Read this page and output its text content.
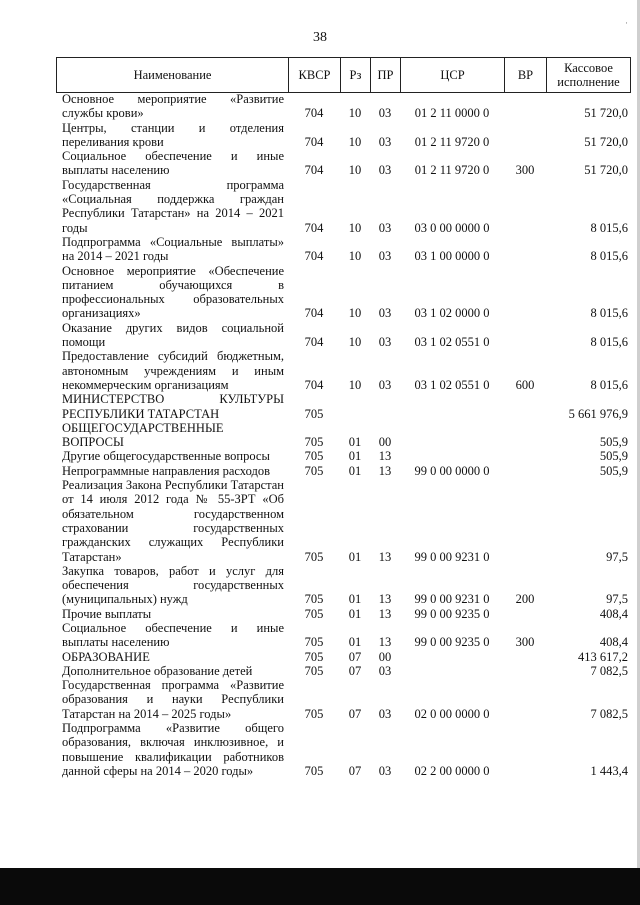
38
·
Наименование	КВСР	Рз	ПР	ЦСР	ВР	Кассовое исполнение
Основное мероприятие «Развитие службы крови»	704	10	03	01 2 11 0000 0		51 720,0
Центры, станции и отделения переливания крови	704	10	03	01 2 11 9720 0		51 720,0
Социальное обеспечение и иные выплаты населению	704	10	03	01 2 11 9720 0	300	51 720,0
Государственная программа «Социальная поддержка граждан Республики Татарстан» на 2014 – 2021 годы	704	10	03	03 0 00 0000 0		8 015,6
Подпрограмма «Социальные выплаты» на 2014 – 2021 годы	704	10	03	03 1 00 0000 0		8 015,6
Основное мероприятие «Обеспечение питанием обучающихся в профессиональных образовательных организациях»	704	10	03	03 1 02 0000 0		8 015,6
Оказание других видов социальной помощи	704	10	03	03 1 02 0551 0		8 015,6
Предоставление субсидий бюджетным, автономным учреждениям и иным некоммерческим организациям	704	10	03	03 1 02 0551 0	600	8 015,6
МИНИСТЕРСТВО КУЛЬТУРЫ РЕСПУБЛИКИ ТАТАРСТАН	705					5 661 976,9
ОБЩЕГОСУДАРСТВЕННЫЕ ВОПРОСЫ	705	01	00			505,9
Другие общегосударственные вопросы	705	01	13			505,9
Непрограммные направления расходов	705	01	13	99 0 00 0000 0		505,9
Реализация Закона Республики Татарстан от 14 июля 2012 года № 55-ЗРТ «Об обязательном государственном страховании государственных гражданских служащих Республики Татарстан»	705	01	13	99 0 00 9231 0		97,5
Закупка товаров, работ и услуг для обеспечения государственных (муниципальных) нужд	705	01	13	99 0 00 9231 0	200	97,5
Прочие выплаты	705	01	13	99 0 00 9235 0		408,4
Социальное обеспечение и иные выплаты населению	705	01	13	99 0 00 9235 0	300	408,4
ОБРАЗОВАНИЕ	705	07	00			413 617,2
Дополнительное образование детей	705	07	03			7 082,5
Государственная программа «Развитие образования и науки Республики Татарстан на 2014 – 2025 годы»	705	07	03	02 0 00 0000 0		7 082,5
Подпрограмма «Развитие общего образования, включая инклюзивное, и повышение квалификации работников данной сферы на 2014 – 2020 годы»	705	07	03	02 2 00 0000 0		1 443,4
